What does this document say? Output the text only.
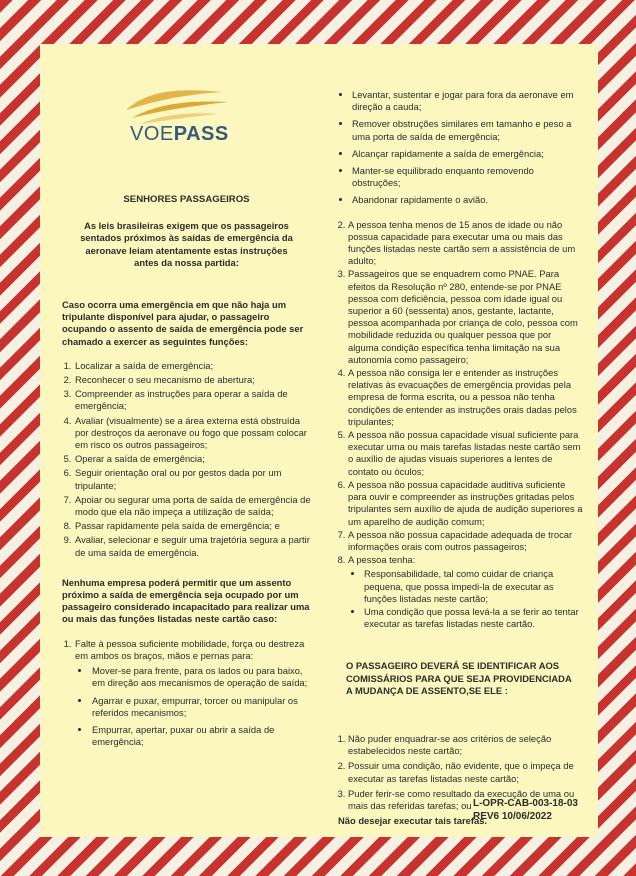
VOEPASS
SENHORES PASSAGEIROS
As leis brasileiras exigem que os passageiros sentados próximos às saídas de emergência da aeronave leiam atentamente estas instruções antes da nossa partida:
Caso ocorra uma emergência em que não haja um tripulante disponível para ajudar, o passageiro ocupando o assento de saída de emergência pode ser chamado a exercer as seguintes funções:
1. Localizar a saída de emergência;
2. Reconhecer o seu mecanismo de abertura;
3. Compreender as instruções para operar a saída de emergência;
4. Avaliar (visualmente) se a área externa está obstruída por destroços da aeronave ou fogo que possam colocar em risco os outros passageiros;
5. Operar a saída de emergência;
6. Seguir orientação oral ou por gestos dada por um tripulante;
7. Apoiar ou segurar uma porta de saída de emergência de modo que ela não impeça a utilização de saída;
8. Passar rapidamente pela saída de emergência; e
9. Avaliar, selecionar e seguir uma trajetória segura a partir de uma saída de emergência.
Nenhuma empresa poderá permitir que um assento próximo a saída de emergência seja ocupado por um passageiro considerado incapacitado para realizar uma ou mais das funções listadas neste cartão caso:
1. Falte à pessoa suficiente mobilidade, força ou destreza em ambos os braços, mãos e pernas para:
• Mover-se para frente, para os lados ou para baixo, em direção aos mecanismos de operação de saída;
• Agarrar e puxar, empurrar, torcer ou manipular os referidos mecanismos;
• Empurrar, apertar, puxar ou abrir a saída de emergência;
• Levantar, sustentar e jogar para fora da aeronave em direção a cauda;
• Remover obstruções similares em tamanho e peso a uma porta de saída de emergência;
• Alcançar rapidamente a saída de emergência;
• Manter-se equilibrado enquanto removendo obstruções;
• Abandonar rapidamente o avião.
2. A pessoa tenha menos de 15 anos de idade ou não possua capacidade para executar uma ou mais das funções listadas neste cartão sem a assistência de um adulto;
3. Passageiros que se enquadrem como PNAE. Para efeitos da Resolução nº 280, entende-se por PNAE pessoa com deficiência, pessoa com idade igual ou superior a 60 (sessenta) anos, gestante, lactante, pessoa acompanhada por criança de colo, pessoa com mobilidade reduzida ou qualquer pessoa que por alguma condição específica tenha limitação na sua autonomia como passageiro;
4. A pessoa não consiga ler e entender as instruções relativas às evacuações de emergência providas pela empresa de forma escrita, ou a pessoa não tenha condições de entender as instruções orais dadas pelos tripulantes;
5. A pessoa não possua capacidade visual suficiente para executar uma ou mais tarefas listadas neste cartão sem o auxílio de ajudas visuais superiores a lentes de contato ou óculos;
6. A pessoa não possua capacidade auditiva suficiente para ouvir e compreender as instruções gritadas pelos tripulantes sem auxílio de ajuda de audição superiores a um aparelho de audição comum;
7. A pessoa não possua capacidade adequada de trocar informações orais com outros passageiros;
8. A pessoa tenha:
• Responsabilidade, tal como cuidar de criança pequena, que possa impedi-la de executar as funções listadas neste cartão;
• Uma condição que possa levá-la a se ferir ao tentar executar as tarefas listadas neste cartão.
O PASSAGEIRO DEVERÁ SE IDENTIFICAR AOS COMISSÁRIOS PARA QUE SEJA PROVIDENCIADA A MUDANÇA DE ASSENTO,SE ELE :
1. Não puder enquadrar-se aos critérios de seleção estabelecidos neste cartão;
2. Possuir uma condição, não evidente, que o impeça de executar as tarefas listadas neste cartão;
3. Puder ferir-se como resultado da execução de uma ou mais das referidas tarefas; ou
Não desejar executar tais tarefas.
L-OPR-CAB-003-18-03
REV6 10/06/2022
